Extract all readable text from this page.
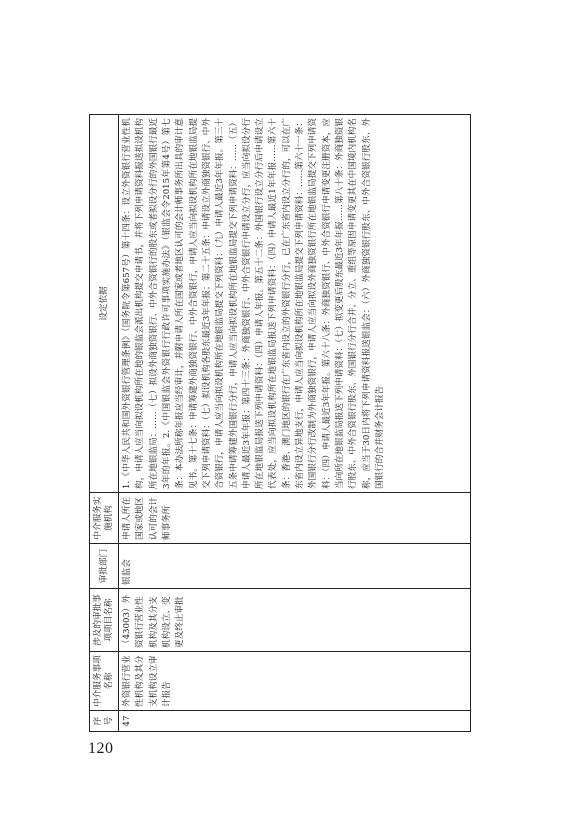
120
序号	中介服务事项名称	涉及的审批事项项目名称	审批部门	中介服务实施机构	设定依据
47	外资银行营业性机构及其分支机构设立审计报告	（43003）外资银行营业性机构及其分支机构设立、变更及终止审批	银监会	申请人所在国家或地区认可的会计师事务所	1.《中华人民共和国外资银行管理条例》（国务院令第657号）第十四条：设立外资银行营业性机构，申请人应当向拟设机构所在地的银监会派出机构提交申请书，并将下列申请资料报送拟设机构所在地银监局：……（七）拟设外商独资银行、中外合资银行的股东或者拟设分行的外国银行最近3年的年报。2.《中国银监会外资银行行政许可事项实施办法》（银监会令2015年第4号）第七条：本办法所称年报应当经审计，并附申请人所在国家或者地区认可的会计师事务所出具的审计意见书。第十七条：申请筹建外商独资银行、中外合资银行，申请人应当向拟设机构所在地银监局提交下列申请资料：（七）拟设机构各股东最近3年年报；第二十五条：申请设立外商独资银行、中外合资银行，申请人应当向拟设机构所在地银监局提交下列资料：（九）申请人最近3年年报。第三十五条申请筹建外国银行分行，申请人应当向拟设机构所在地银监局提交下列申请资料：……（五）申请人最近3年年报；第四十三条：外商独资银行、中外合资银行申请设立分行，应当向拟设分行所在地银监局报送下列申请资料：（四）申请人年报。第五十二条：外国银行设立分行后申请设立代表处，应当向拟设机构所在地银监局报送下列申请资料：（四）申请人最近1年年报……第六十条：香港、澳门地区的银行在广东省内设立的外资银行分行，已在广东省内设立分行的，可以在广东省内设立异地支行，申请人应当向拟设机构所在地银监局提交下列申请资料：……第六十一条：外国银行分行改制为外商独资银行，申请人应当向拟设外商独资银行所在地银监局提交下列申请资料：（四）申请人最近3年年报。第六十八条：外商独资银行、中外合资银行申请变更注册资本，应当向所在地银监局报送下列申请资料：（七）拟变更后股东最近3年年报……第八十条：外商独资银行股东、中外合资银行股东、外国银行分行合并、分立、重组等原因申请变更其在中国境内机构名称，应当于30日内将下列申请资料报送银监会：（六）外商独资银行股东、中外合资银行股东、外国银行的合并财务会计报告
